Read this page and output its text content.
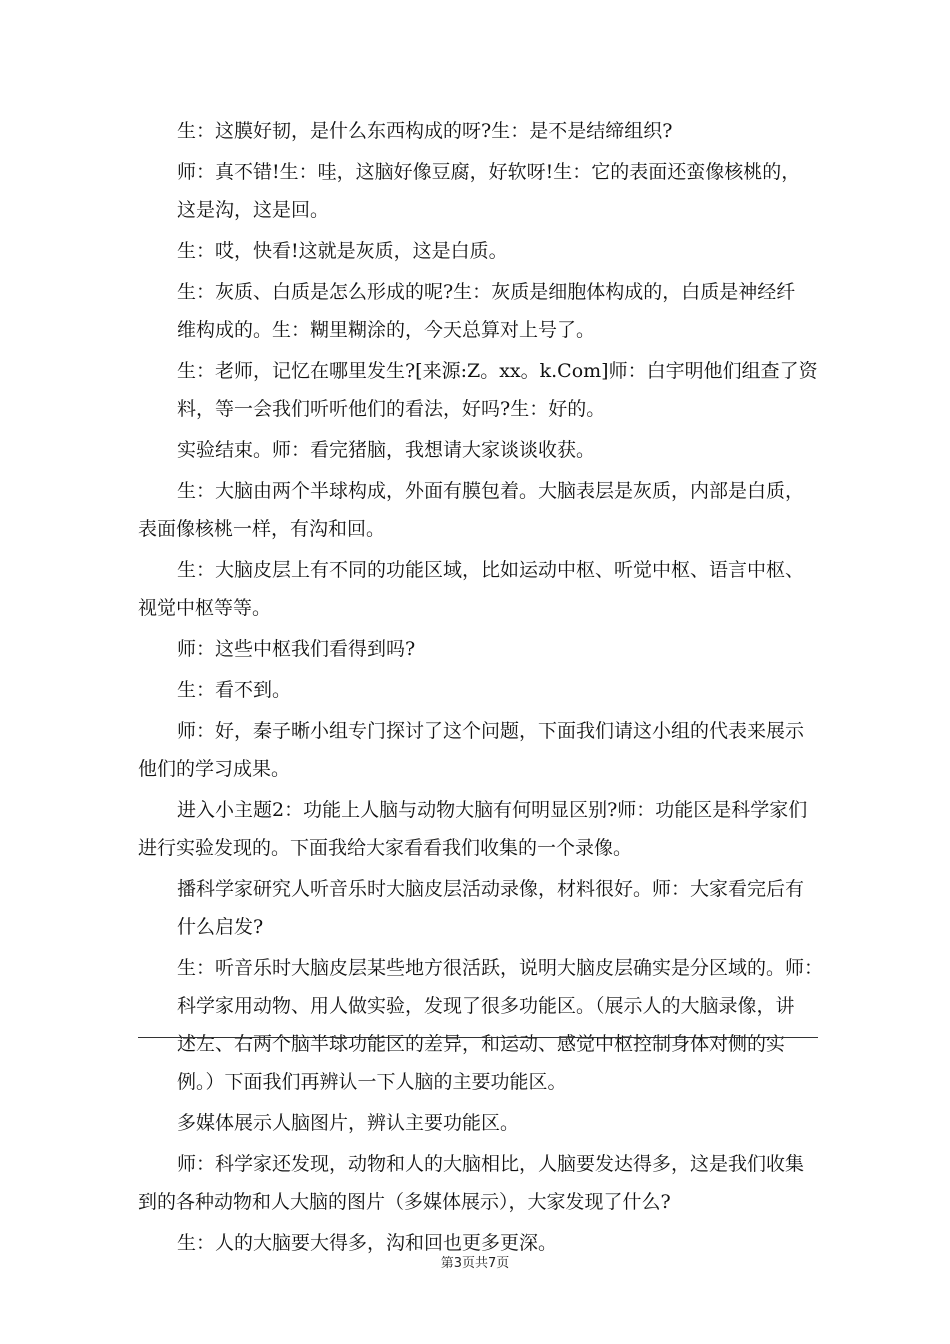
生：这膜好韧，是什么东西构成的呀?生：是不是结缔组织?
师：真不错!生：哇，这脑好像豆腐，好软呀!生：它的表面还蛮像核桃的，
这是沟，这是回。
生：哎，快看!这就是灰质，这是白质。
生：灰质、白质是怎么形成的呢?生：灰质是细胞体构成的，白质是神经纤
维构成的。生：糊里糊涂的，今天总算对上号了。
生：老师，记忆在哪里发生?[来源:Z。xx。k.Com]师：白宇明他们组查了资
料，等一会我们听听他们的看法，好吗?生：好的。
实验结束。师：看完猪脑，我想请大家谈谈收获。
生：大脑由两个半球构成，外面有膜包着。大脑表层是灰质，内部是白质，
表面像核桃一样，有沟和回。
生：大脑皮层上有不同的功能区域，比如运动中枢、听觉中枢、语言中枢、
视觉中枢等等。
师：这些中枢我们看得到吗?
生：看不到。
师：好，秦子晰小组专门探讨了这个问题，下面我们请这小组的代表来展示
他们的学习成果。
进入小主题2：功能上人脑与动物大脑有何明显区别?师：功能区是科学家们
进行实验发现的。下面我给大家看看我们收集的一个录像。
播科学家研究人听音乐时大脑皮层活动录像，材料很好。师：大家看完后有
什么启发?
生：听音乐时大脑皮层某些地方很活跃，说明大脑皮层确实是分区域的。师：
科学家用动物、用人做实验，发现了很多功能区。（展示人的大脑录像，讲
述左、右两个脑半球功能区的差异，和运动、感觉中枢控制身体对侧的实
例。）下面我们再辨认一下人脑的主要功能区。
多媒体展示人脑图片，辨认主要功能区。
师：科学家还发现，动物和人的大脑相比，人脑要发达得多，这是我们收集
到的各种动物和人大脑的图片（多媒体展示），大家发现了什么?
生：人的大脑要大得多，沟和回也更多更深。
第3页共7页
